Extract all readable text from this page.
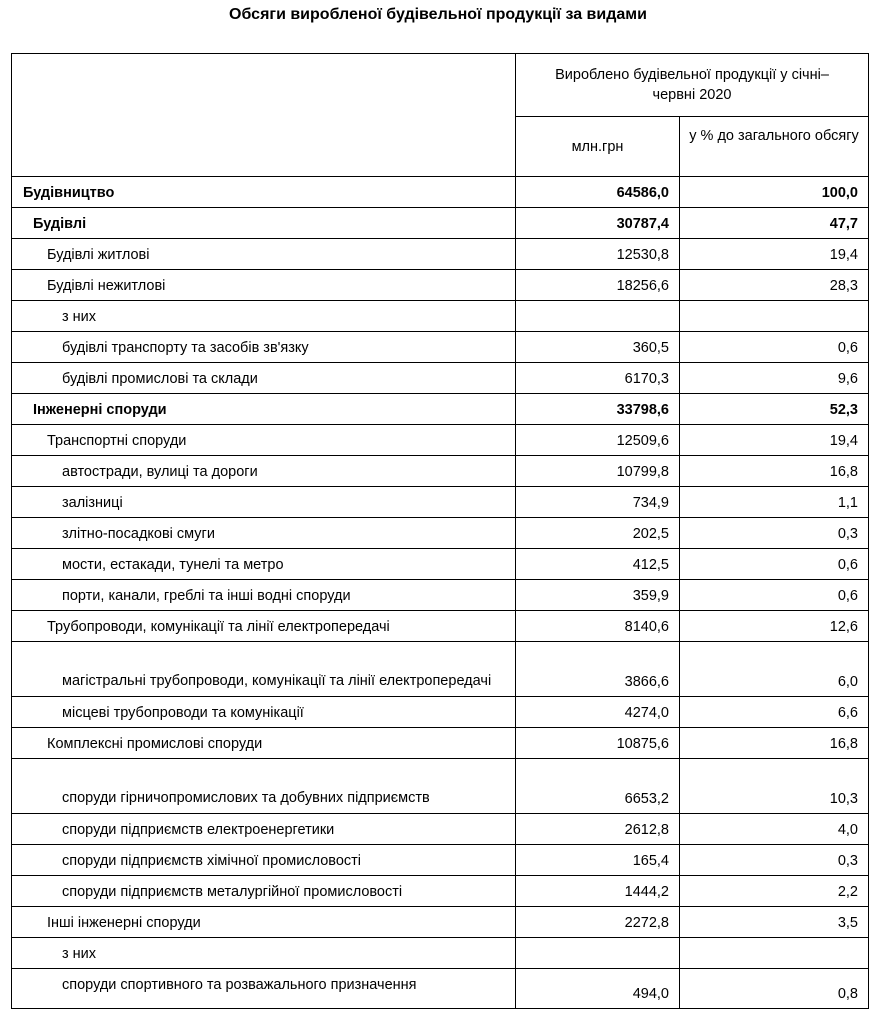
Обсяги виробленої будівельної продукції за видами
	Вироблено будівельної продукції у січні–червні 2020	
	млн.грн	у % до загального обсягу
Будівництво	64586,0	100,0
Будівлі	30787,4	47,7
Будівлі житлові	12530,8	19,4
Будівлі нежитлові	18256,6	28,3
з них		
будівлі транспорту та засобів зв'язку	360,5	0,6
будівлі промислові та склади	6170,3	9,6
Інженерні споруди	33798,6	52,3
Транспортні споруди	12509,6	19,4
автостради, вулиці та дороги	10799,8	16,8
залізниці	734,9	1,1
злітно-посадкові смуги	202,5	0,3
мости, естакади, тунелі та метро	412,5	0,6
порти, канали, греблі та інші водні споруди	359,9	0,6
Трубопроводи, комунікації та лінії електропередачі	8140,6	12,6
магістральні трубопроводи, комунікації та лінії електропередачі	3866,6	6,0
місцеві трубопроводи та комунікації	4274,0	6,6
Комплексні промислові споруди	10875,6	16,8
споруди гірничопромислових та добувних підприємств	6653,2	10,3
споруди підприємств електроенергетики	2612,8	4,0
споруди підприємств хімічної промисловості	165,4	0,3
споруди підприємств металургійної промисловості	1444,2	2,2
Інші інженерні споруди	2272,8	3,5
з них		
споруди спортивного та розважального призначення	494,0	0,8
